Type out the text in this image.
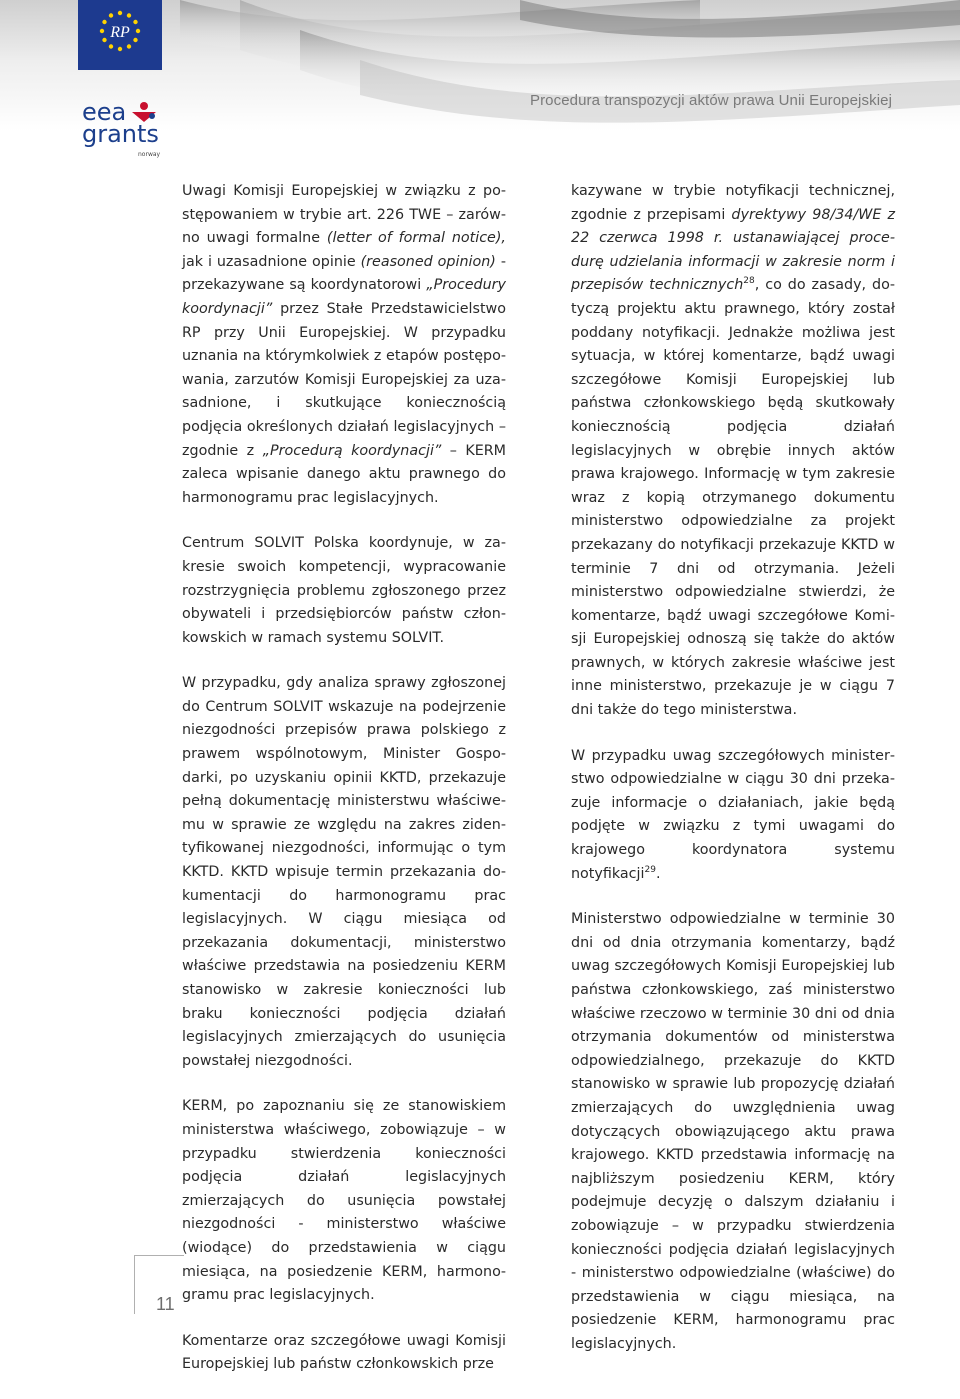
RP
eea
grants
norway
Procedura transpozycji aktów prawa Unii Europejskiej

Uwagi Komisji Europejskiej w związku z postępowaniem w trybie art. 226 TWE – zarówno uwagi formalne (letter of formal notice), jak i uzasadnione opinie (reasoned opinion) - przekazywane są koordynatorowi „Procedury koordynacji” przez Stałe Przedstawicielstwo RP przy Unii Europejskiej. W przypadku uznania na którymkolwiek z etapów postępowania, zarzutów Komisji Europejskiej za uzasadnione, i skutkujące koniecznością podjęcia określonych działań legislacyjnych – zgodnie z „Procedurą koordynacji” – KERM zaleca wpisanie danego aktu prawnego do harmonogramu prac legislacyjnych.

Centrum SOLVIT Polska koordynuje, w zakresie swoich kompetencji, wypracowanie rozstrzygnięcia problemu zgłoszonego przez obywateli i przedsiębiorców państw członkowskich w ramach systemu SOLVIT.

W przypadku, gdy analiza sprawy zgłoszonej do Centrum SOLVIT wskazuje na podejrzenie niezgodności przepisów prawa polskiego z prawem wspólnotowym, Minister Gospodarki, po uzyskaniu opinii KKTD, przekazuje pełną dokumentację ministerstwu właściwemu w sprawie ze względu na zakres zidentyfikowanej niezgodności, informując o tym KKTD. KKTD wpisuje termin przekazania dokumentacji do harmonogramu prac legislacyjnych. W ciągu miesiąca od przekazania dokumentacji, ministerstwo właściwe przedstawia na posiedzeniu KERM stanowisko w zakresie konieczności lub braku konieczności podjęcia działań legislacyjnych zmierzających do usunięcia powstałej niezgodności.

KERM, po zapoznaniu się ze stanowiskiem ministerstwa właściwego, zobowiązuje – w przypadku stwierdzenia konieczności podjęcia działań legislacyjnych zmierzających do usunięcia powstałej niezgodności - ministerstwo właściwe (wiodące) do przedstawienia w ciągu miesiąca, na posiedzenie KERM, harmonogramu prac legislacyjnych.

Komentarze oraz szczegółowe uwagi Komisji Europejskiej lub państw członkowskich prze

kazywane w trybie notyfikacji technicznej, zgodnie z przepisami dyrektywy 98/34/WE z 22 czerwca 1998 r. ustanawiającej procedurę udzielania informacji w zakresie norm i przepisów technicznych$^{28}$, co do zasady, dotyczą projektu aktu prawnego, który został poddany notyfikacji. Jednakże możliwa jest sytuacja, w której komentarze, bądź uwagi szczegółowe Komisji Europejskiej lub państwa członkowskiego będą skutkowały koniecznością podjęcia działań legislacyjnych w obrębie innych aktów prawa krajowego. Informację w tym zakresie wraz z kopią otrzymanego dokumentu ministerstwo odpowiedzialne za projekt przekazany do notyfikacji przekazuje KKTD w terminie 7 dni od otrzymania. Jeżeli ministerstwo odpowiedzialne stwierdzi, że komentarze, bądź uwagi szczegółowe Komisji Europejskiej odnoszą się także do aktów prawnych, w których zakresie właściwe jest inne ministerstwo, przekazuje je w ciągu 7 dni także do tego ministerstwa.

W przypadku uwag szczegółowych ministerstwo odpowiedzialne w ciągu 30 dni przekazuje informacje o działaniach, jakie będą podjęte w związku z tymi uwagami do krajowego koordynatora systemu notyfikacji$^{29}$.

Ministerstwo odpowiedzialne w terminie 30 dni od dnia otrzymania komentarzy, bądź uwag szczegółowych Komisji Europejskiej lub państwa członkowskiego, zaś ministerstwo właściwe rzeczowo w terminie 30 dni od dnia otrzymania dokumentów od ministerstwa odpowiedzialnego, przekazuje do KKTD stanowisko w sprawie lub propozycję działań zmierzających do uwzględnienia uwag dotyczących obowiązującego aktu prawa krajowego. KKTD przedstawia informację na najbliższym posiedzeniu KERM, który podejmuje decyzję o dalszym działaniu i zobowiązuje – w przypadku stwierdzenia konieczności podjęcia działań legislacyjnych - ministerstwo odpowiedzialne (właściwe) do przedstawienia w ciągu miesiąca, na posiedzenie KERM, harmonogramu prac legislacyjnych.

11
